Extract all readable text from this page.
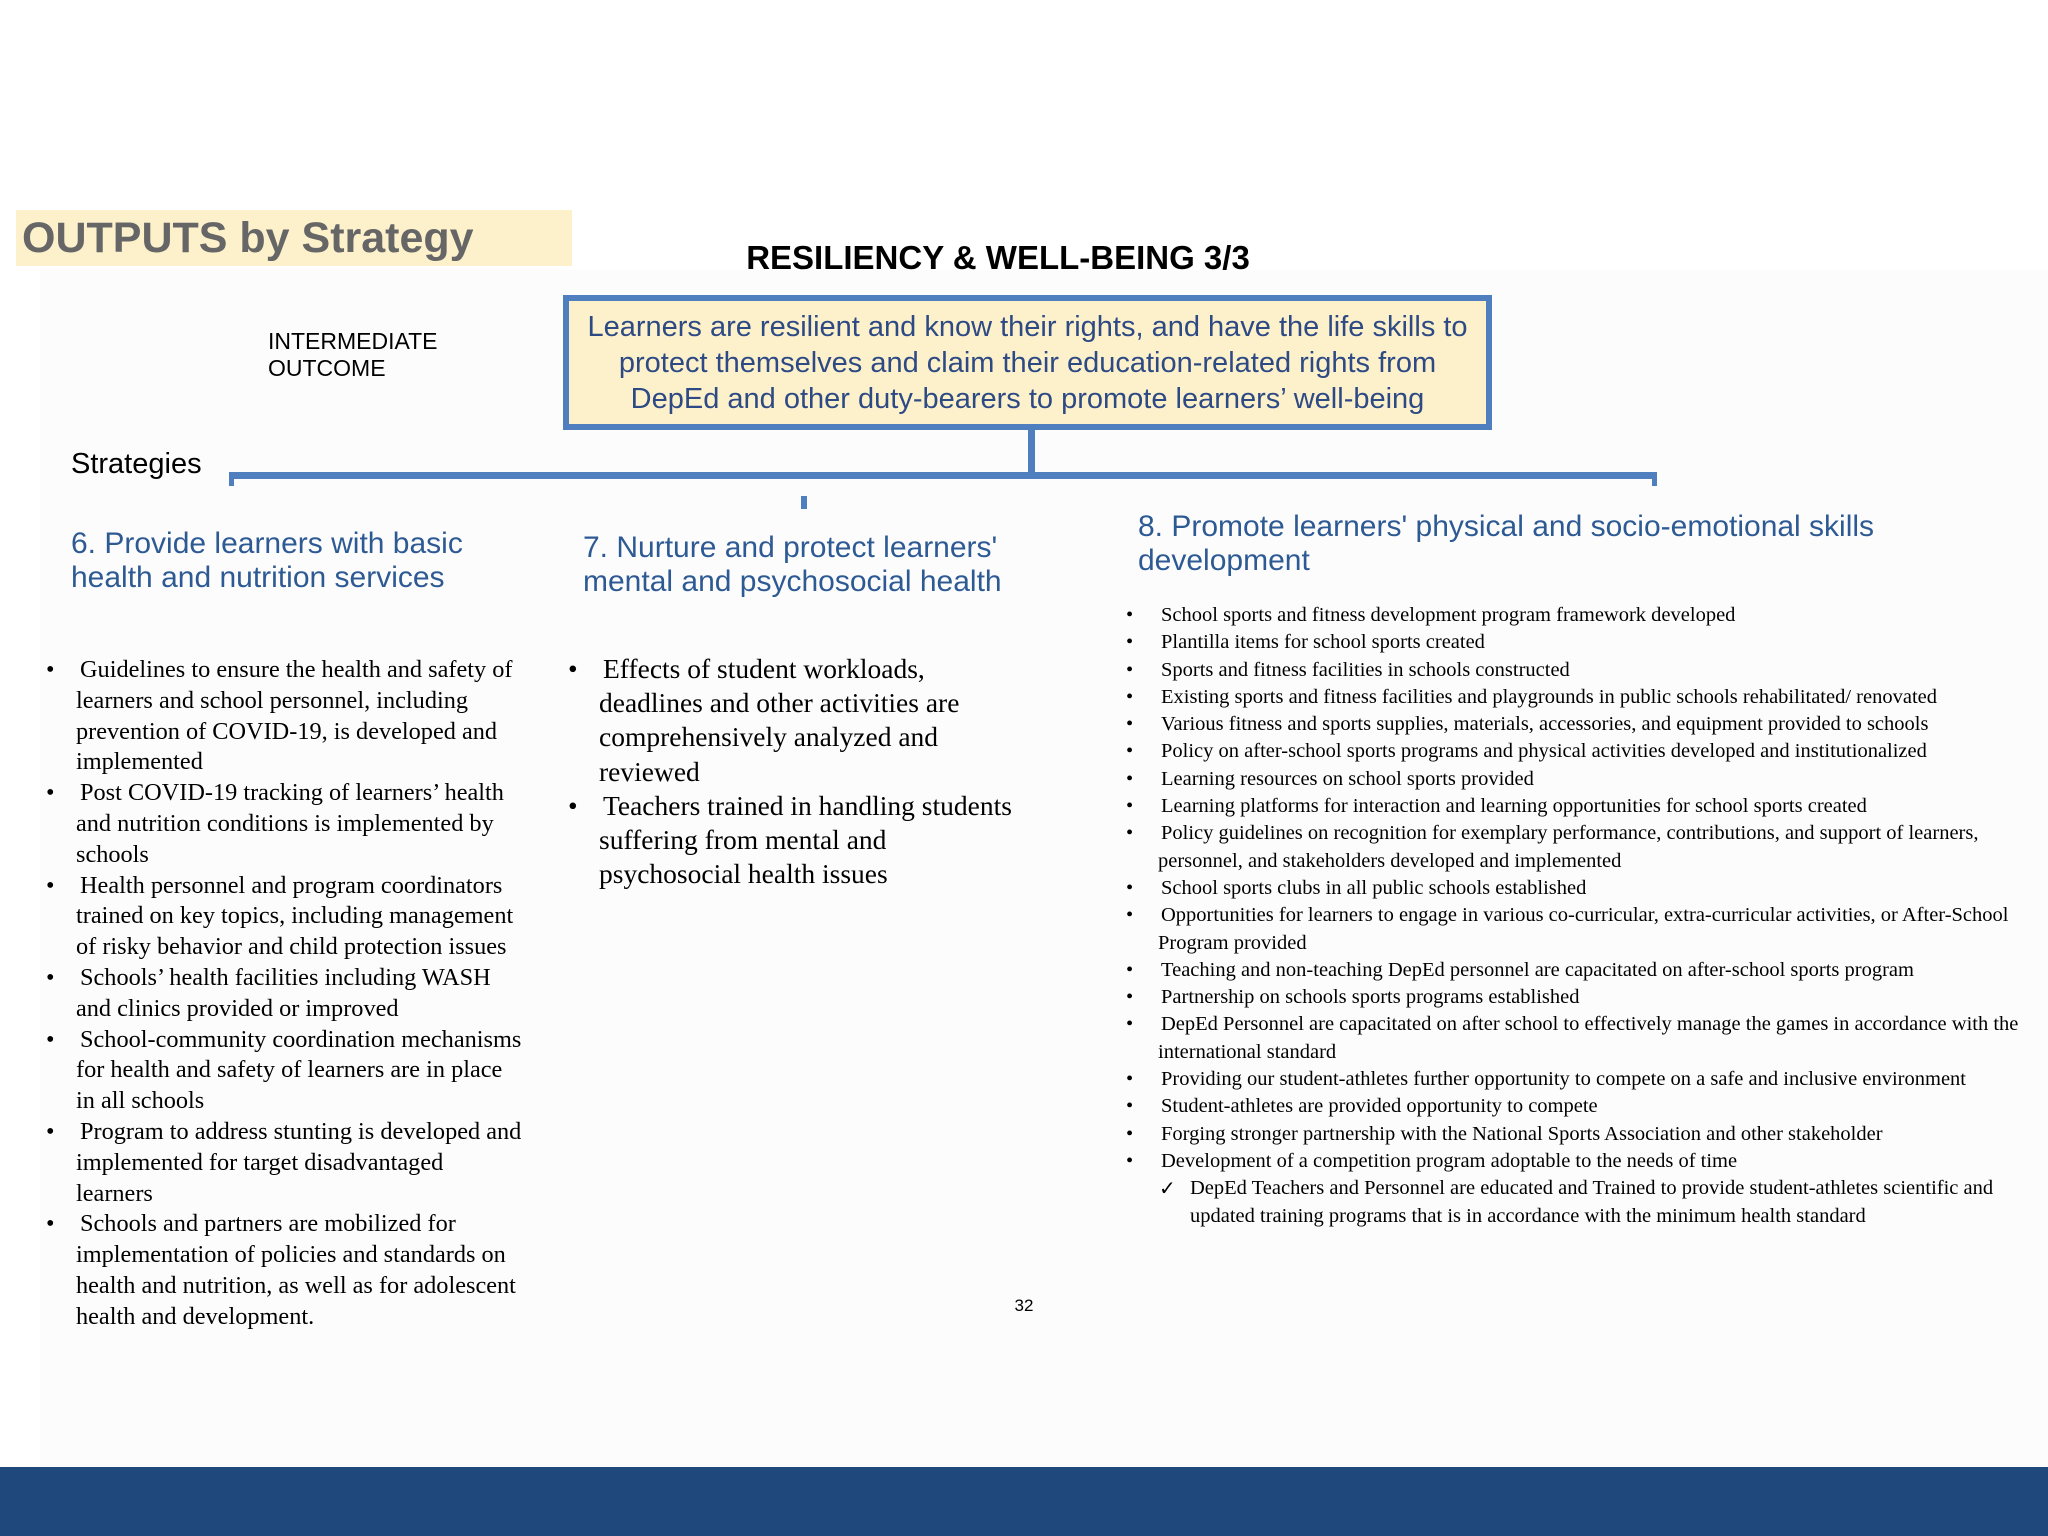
OUTPUTS by Strategy	RESILIENCY & WELL-BEING 3/3
INTERMEDIATE
OUTCOME
Learners are resilient and know their rights, and have the life skills to protect themselves and claim their education-related rights from DepEd and other duty-bearers to promote learners’ well-being
Strategies
6. Provide learners with basic health and nutrition services
7. Nurture and protect learners' mental and psychosocial health
8. Promote learners' physical and socio-emotional skills development
• Guidelines to ensure the health and safety of learners and school personnel, including prevention of COVID-19, is developed and implemented
• Post COVID-19 tracking of learners’ health and nutrition conditions is implemented by schools
• Health personnel and program coordinators trained on key topics, including management of risky behavior and child protection issues
• Schools’ health facilities including WASH and clinics provided or improved
• School-community coordination mechanisms for health and safety of learners are in place in all schools
• Program to address stunting is developed and implemented for target disadvantaged learners
• Schools and partners are mobilized for implementation of policies and standards on health and nutrition, as well as for adolescent health and development.
• Effects of student workloads, deadlines and other activities are comprehensively analyzed and reviewed
• Teachers trained in handling students suffering from mental and psychosocial health issues
• School sports and fitness development program framework developed
• Plantilla items for school sports created
• Sports and fitness facilities in schools constructed
• Existing sports and fitness facilities and playgrounds in public schools rehabilitated/ renovated
• Various fitness and sports supplies, materials, accessories, and equipment provided to schools
• Policy on after-school sports programs and physical activities developed and institutionalized
• Learning resources on school sports provided
• Learning platforms for interaction and learning opportunities for school sports created
• Policy guidelines on recognition for exemplary performance, contributions, and support of learners, personnel, and stakeholders developed and implemented
• School sports clubs in all public schools established
• Opportunities for learners to engage in various co-curricular, extra-curricular activities, or After-School Program provided
• Teaching and non-teaching DepEd personnel are capacitated on after-school sports program
• Partnership on schools sports programs established
• DepEd Personnel are capacitated on after school to effectively manage the games in accordance with the international standard
• Providing our student-athletes further opportunity to compete on a safe and inclusive environment
• Student-athletes are provided opportunity to compete
• Forging stronger partnership with the National Sports Association and other stakeholder
• Development of a competition program adoptable to the needs of time
✓ DepEd Teachers and Personnel are educated and Trained to provide student-athletes scientific and updated training programs that is in accordance with the minimum health standard
32
